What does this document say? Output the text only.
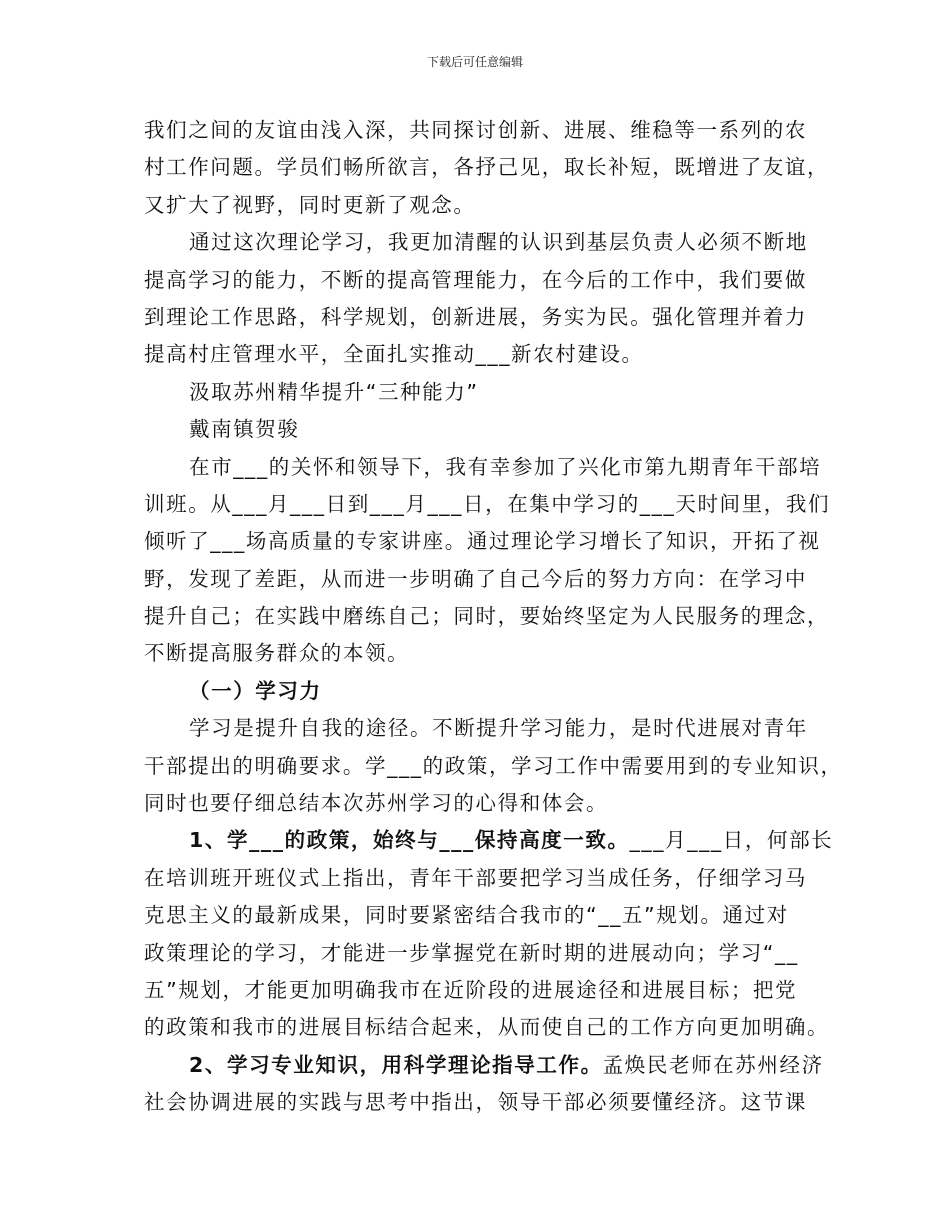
下载后可任意编辑
我们之间的友谊由浅入深，共同探讨创新、进展、维稳等一系列的农
村工作问题。学员们畅所欲言，各抒己见，取长补短，既增进了友谊，
又扩大了视野，同时更新了观念。
通过这次理论学习，我更加清醒的认识到基层负责人必须不断地
提高学习的能力，不断的提高管理能力，在今后的工作中，我们要做
到理论工作思路，科学规划，创新进展，务实为民。强化管理并着力
提高村庄管理水平，全面扎实推动___新农村建设。
汲取苏州精华提升“三种能力”
戴南镇贺骏
在市___的关怀和领导下，我有幸参加了兴化市第九期青年干部培
训班。从___月___日到___月___日，在集中学习的___天时间里，我们
倾听了___场高质量的专家讲座。通过理论学习增长了知识，开拓了视
野，发现了差距，从而进一步明确了自己今后的努力方向：在学习中
提升自己；在实践中磨练自己；同时，要始终坚定为人民服务的理念，
不断提高服务群众的本领。
（一）学习力
学习是提升自我的途径。不断提升学习能力，是时代进展对青年
干部提出的明确要求。学___的政策，学习工作中需要用到的专业知识，
同时也要仔细总结本次苏州学习的心得和体会。
1、学___的政策，始终与___保持高度一致。___月___日，何部长
在培训班开班仪式上指出，青年干部要把学习当成任务，仔细学习马
克思主义的最新成果，同时要紧密结合我市的“__五”规划。通过对
政策理论的学习，才能进一步掌握党在新时期的进展动向；学习“__
五”规划，才能更加明确我市在近阶段的进展途径和进展目标；把党
的政策和我市的进展目标结合起来，从而使自己的工作方向更加明确。
2、学习专业知识，用科学理论指导工作。孟焕民老师在苏州经济
社会协调进展的实践与思考中指出，领导干部必须要懂经济。这节课
